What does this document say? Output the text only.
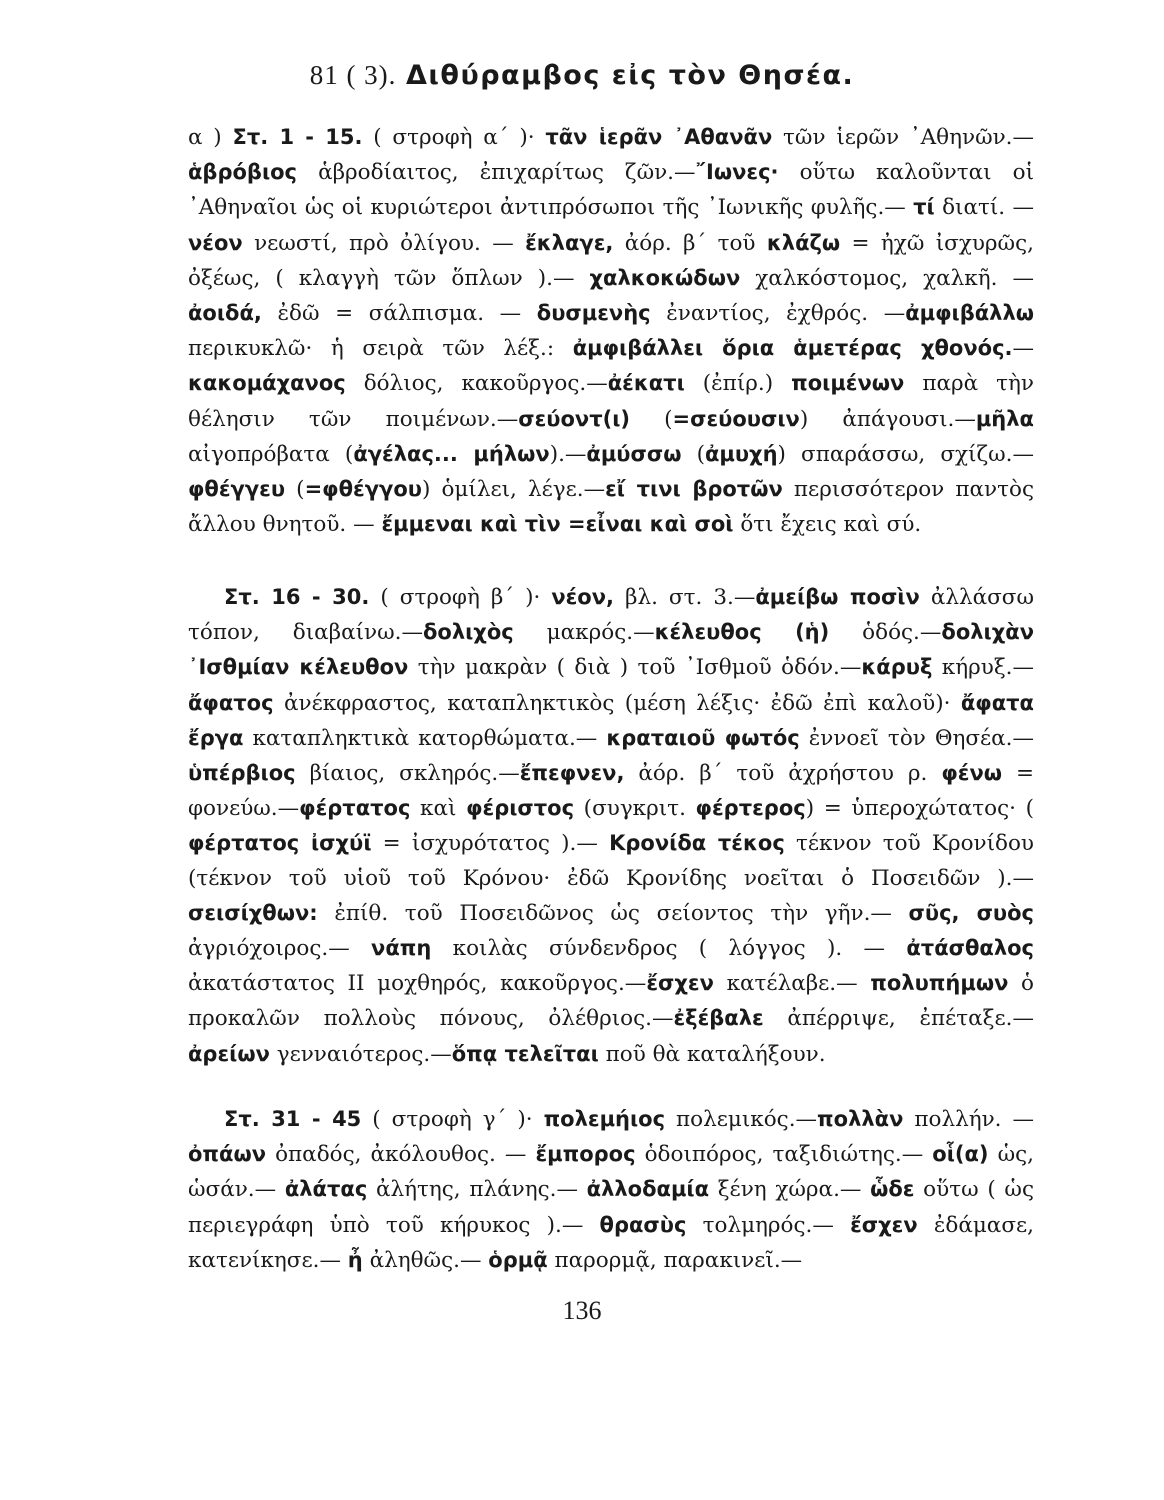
81 ( 3). Διθύραμβος εἰς τὸν Θησέα.

α ) Στ. 1 - 15. ( στροφὴ α΄ )· τᾶν ἱερᾶν ᾽Αθανᾶν τῶν ἱερῶν ᾽Αθηνῶν.—ἁβρόβιος ἁβροδίαιτος, ἐπιχαρίτως ζῶν.—῎Ιωνες· οὕτω καλοῦνται οἱ ᾽Αθηναῖοι ὡς οἱ κυριώτεροι ἀντιπρόσωποι τῆς ᾽Ιωνικῆς φυλῆς.— τί διατί. — νέον νεωστί, πρὸ ὀλίγου. — ἔκλαγε, ἀόρ. β΄ τοῦ κλάζω = ἠχῶ ἰσχυρῶς, ὀξέως, ( κλαγγὴ τῶν ὅπλων ).— χαλκοκώδων χαλκόστομος, χαλκῆ. — ἀοιδά, ἐδῶ = σάλπισμα. — δυσμενὴς ἐναντίος, ἐχθρός. —ἀμφιβάλλω περικυκλῶ· ἡ σειρὰ τῶν λέξ.: ἀμφιβάλλει ὅρια ἁμετέρας χθονός.— κακομάχανος δόλιος, κακοῦργος.—ἀέκατι (ἐπίρ.) ποιμένων παρὰ τὴν θέλησιν τῶν ποιμένων.—σεύοντ(ι) (=σεύουσιν) ἀπάγουσι.—μῆλα αἰγοπρόβατα (ἀγέλας... μήλων).—ἀμύσσω (ἀμυχή) σπαράσσω, σχίζω.—φθέγγευ (=φθέγγου) ὁμίλει, λέγε.—εἴ τινι βροτῶν περισσότερον παντὸς ἄλλου θνητοῦ. — ἔμμεναι καὶ τὶν =εἶναι καὶ σοὶ ὅτι ἔχεις καὶ σύ.

Στ. 16 - 30. ( στροφὴ β΄ )· νέον, βλ. στ. 3.—ἀμείβω ποσὶν ἀλλάσσω τόπον, διαβαίνω.—δολιχὸς μακρός.—κέλευθος (ἡ) ὁδός.—δολιχὰν ᾽Ισθμίαν κέλευθον τὴν μακρὰν ( διὰ ) τοῦ ᾽Ισθμοῦ ὁδόν.—κάρυξ κήρυξ.—ἄφατος ἀνέκφραστος, καταπληκτικὸς (μέση λέξις· ἐδῶ ἐπὶ καλοῦ)· ἄφατα ἔργα καταπληκτικὰ κατορθώματα.— κραταιοῦ φωτός ἐννοεῖ τὸν Θησέα.—ὑπέρβιος βίαιος, σκληρός.—ἔπεφνεν, ἀόρ. β΄ τοῦ ἀχρήστου ρ. φένω = φονεύω.—φέρτατος καὶ φέριστος (συγκριτ. φέρτερος) = ὑπεροχώτατος· ( φέρτατος ἰσχύϊ = ἰσχυρότατος ).— Κρονίδα τέκος τέκνον τοῦ Κρονίδου (τέκνον τοῦ υἱοῦ τοῦ Κρόνου· ἐδῶ Κρονίδης νοεῖται ὁ Ποσειδῶν ).— σεισίχθων: ἐπίθ. τοῦ Ποσειδῶνος ὡς σείοντος τὴν γῆν.— σῦς, συὸς ἀγριόχοιρος.— νάπη κοιλὰς σύνδενδρος ( λόγγος ). — ἀτάσθαλος ἀκατάστατος ΙΙ μοχθηρός, κακοῦργος.—ἔσχεν κατέλαβε.— πολυπήμων ὁ προκαλῶν πολλοὺς πόνους, ὀλέθριος.—ἐξέβαλε ἀπέρριψε, ἐπέταξε.— ἀρείων γενναιότερος.—ὅπᾳ τελεῖται ποῦ θὰ καταλήξουν.

Στ. 31 - 45 ( στροφὴ γ΄ )· πολεμήιος πολεμικός.—πολλὰν πολλήν. — ὀπάων ὀπαδός, ἀκόλουθος. — ἔμπορος ὁδοιπόρος, ταξιδιώτης.— οἷ(α) ὡς, ὡσάν.— ἀλάτας ἀλήτης, πλάνης.— ἀλλοδαμία ξένη χώρα.— ὧδε οὕτω ( ὡς περιεγράφη ὑπὸ τοῦ κήρυκος ).— θρασὺς τολμηρός.— ἔσχεν ἐδάμασε, κατενίκησε.— ἦ ἀληθῶς.— ὁρμᾷ παρορμᾷ, παρακινεῖ.—

136
